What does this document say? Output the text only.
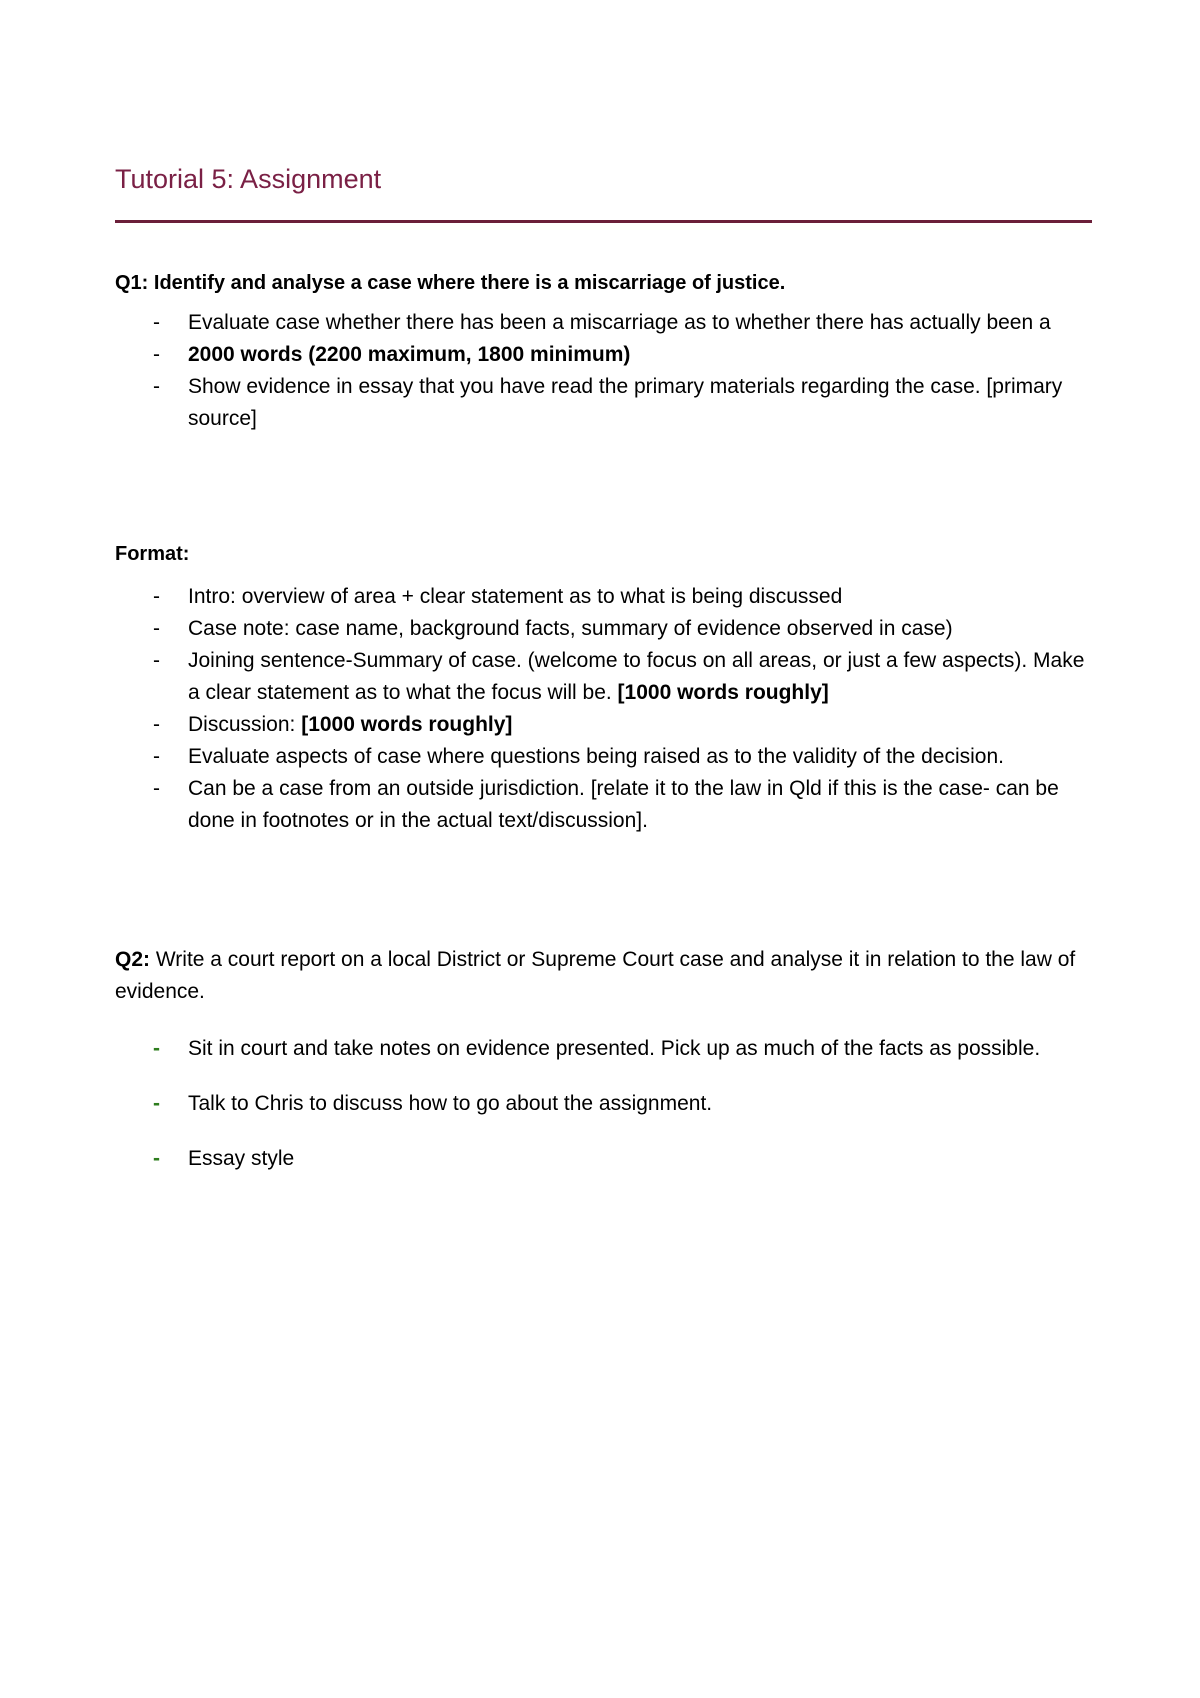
Tutorial 5: Assignment
Q1: Identify and analyse a case where there is a miscarriage of justice.
- Evaluate case whether there has been a miscarriage as to whether there has actually been a
- 2000 words (2200 maximum, 1800 minimum)
- Show evidence in essay that you have read the primary materials regarding the case. [primary source]
Format:
- Intro: overview of area + clear statement as to what is being discussed
- Case note: case name, background facts, summary of evidence observed in case)
- Joining sentence-Summary of case. (welcome to focus on all areas, or just a few aspects). Make a clear statement as to what the focus will be. [1000 words roughly]
- Discussion: [1000 words roughly]
- Evaluate aspects of case where questions being raised as to the validity of the decision.
- Can be a case from an outside jurisdiction. [relate it to the law in Qld if this is the case- can be done in footnotes or in the actual text/discussion].
Q2: Write a court report on a local District or Supreme Court case and analyse it in relation to the law of evidence.
- Sit in court and take notes on evidence presented. Pick up as much of the facts as possible.
- Talk to Chris to discuss how to go about the assignment.
- Essay style
